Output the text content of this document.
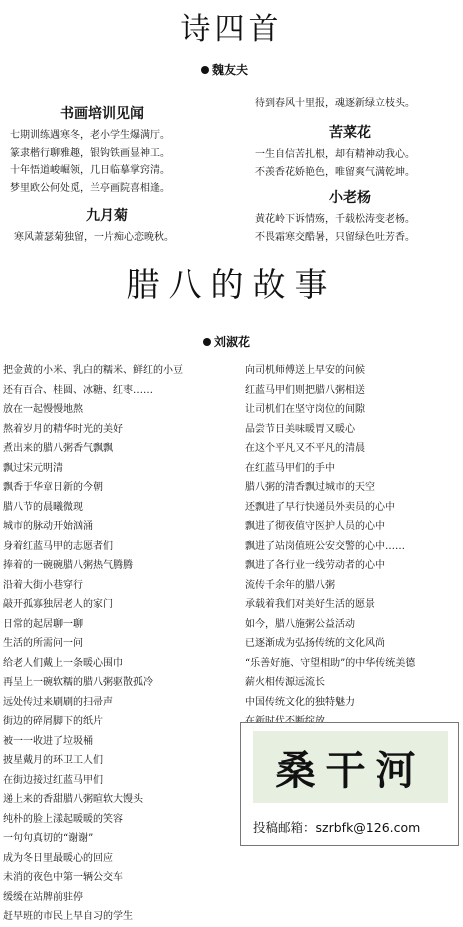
诗四首
魏友夫
书画培训见闻
七期训练遇寒冬，老小学生爆满厅。
篆隶楷行聊雅趣，银钩铁画显神工。
十年悟道峻崛领，几日临摹掌窍清。
梦里欧公何处觅，兰亭画院喜相逢。
九月菊
寒风萧瑟菊独留，一片痴心恋晚秋。
待到春风十里报，魂逐新绿立枝头。
苦菜花
一生自信苦扎根，却有精神动我心。
不羡香花娇艳色，唯留爽气满乾坤。
小老杨
黄花岭下诉情殇，千载松涛变老杨。
不畏霜寒交酷暑，只留绿色吐芳香。
腊八的故事
刘淑花
把金黄的小米、乳白的糯米、鲜红的小豆
还有百合、桂圆、冰糖、红枣……
放在一起慢慢地熬
熬着岁月的精华时光的美好
煮出来的腊八粥香气飘飘
飘过宋元明清
飘香于华章日新的今朝
腊八节的晨曦微现
城市的脉动开始汹涌
身着红蓝马甲的志愿者们
捧着的一碗碗腊八粥热气腾腾
沿着大街小巷穿行
敲开孤寡独居老人的家门
日常的起居聊一聊
生活的所需问一问
给老人们戴上一条暖心围巾
再呈上一碗软糯的腊八粥驱散孤冷
远处传过来刷刷的扫帚声
街边的碎屑脚下的纸片
被一一收进了垃圾桶
披星戴月的环卫工人们
在街边接过红蓝马甲们
递上来的香甜腊八粥暄软大馒头
纯朴的脸上漾起暖暖的笑容
一句句真切的“谢谢”
成为冬日里最暖心的回应
未消的夜色中第一辆公交车
缓缓在站牌前驻停
赶早班的市民上早自习的学生
向司机师傅送上早安的问候
红蓝马甲们则把腊八粥相送
让司机们在坚守岗位的间隙
品尝节日美味暖胃又暖心
在这个平凡又不平凡的清晨
在红蓝马甲们的手中
腊八粥的清香飘过城市的天空
还飘进了早行快递员外卖员的心中
飘进了彻夜值守医护人员的心中
飘进了站岗值班公安交警的心中……
飘进了各行业一线劳动者的心中
流传千余年的腊八粥
承载着我们对美好生活的愿景
如今，腊八施粥公益活动
已逐渐成为弘扬传统的文化风尚
“乐善好施、守望相助”的中华传统美德
薪火相传源远流长
中国传统文化的独特魅力
桑干河
投稿邮箱：szrbfk@126.com
